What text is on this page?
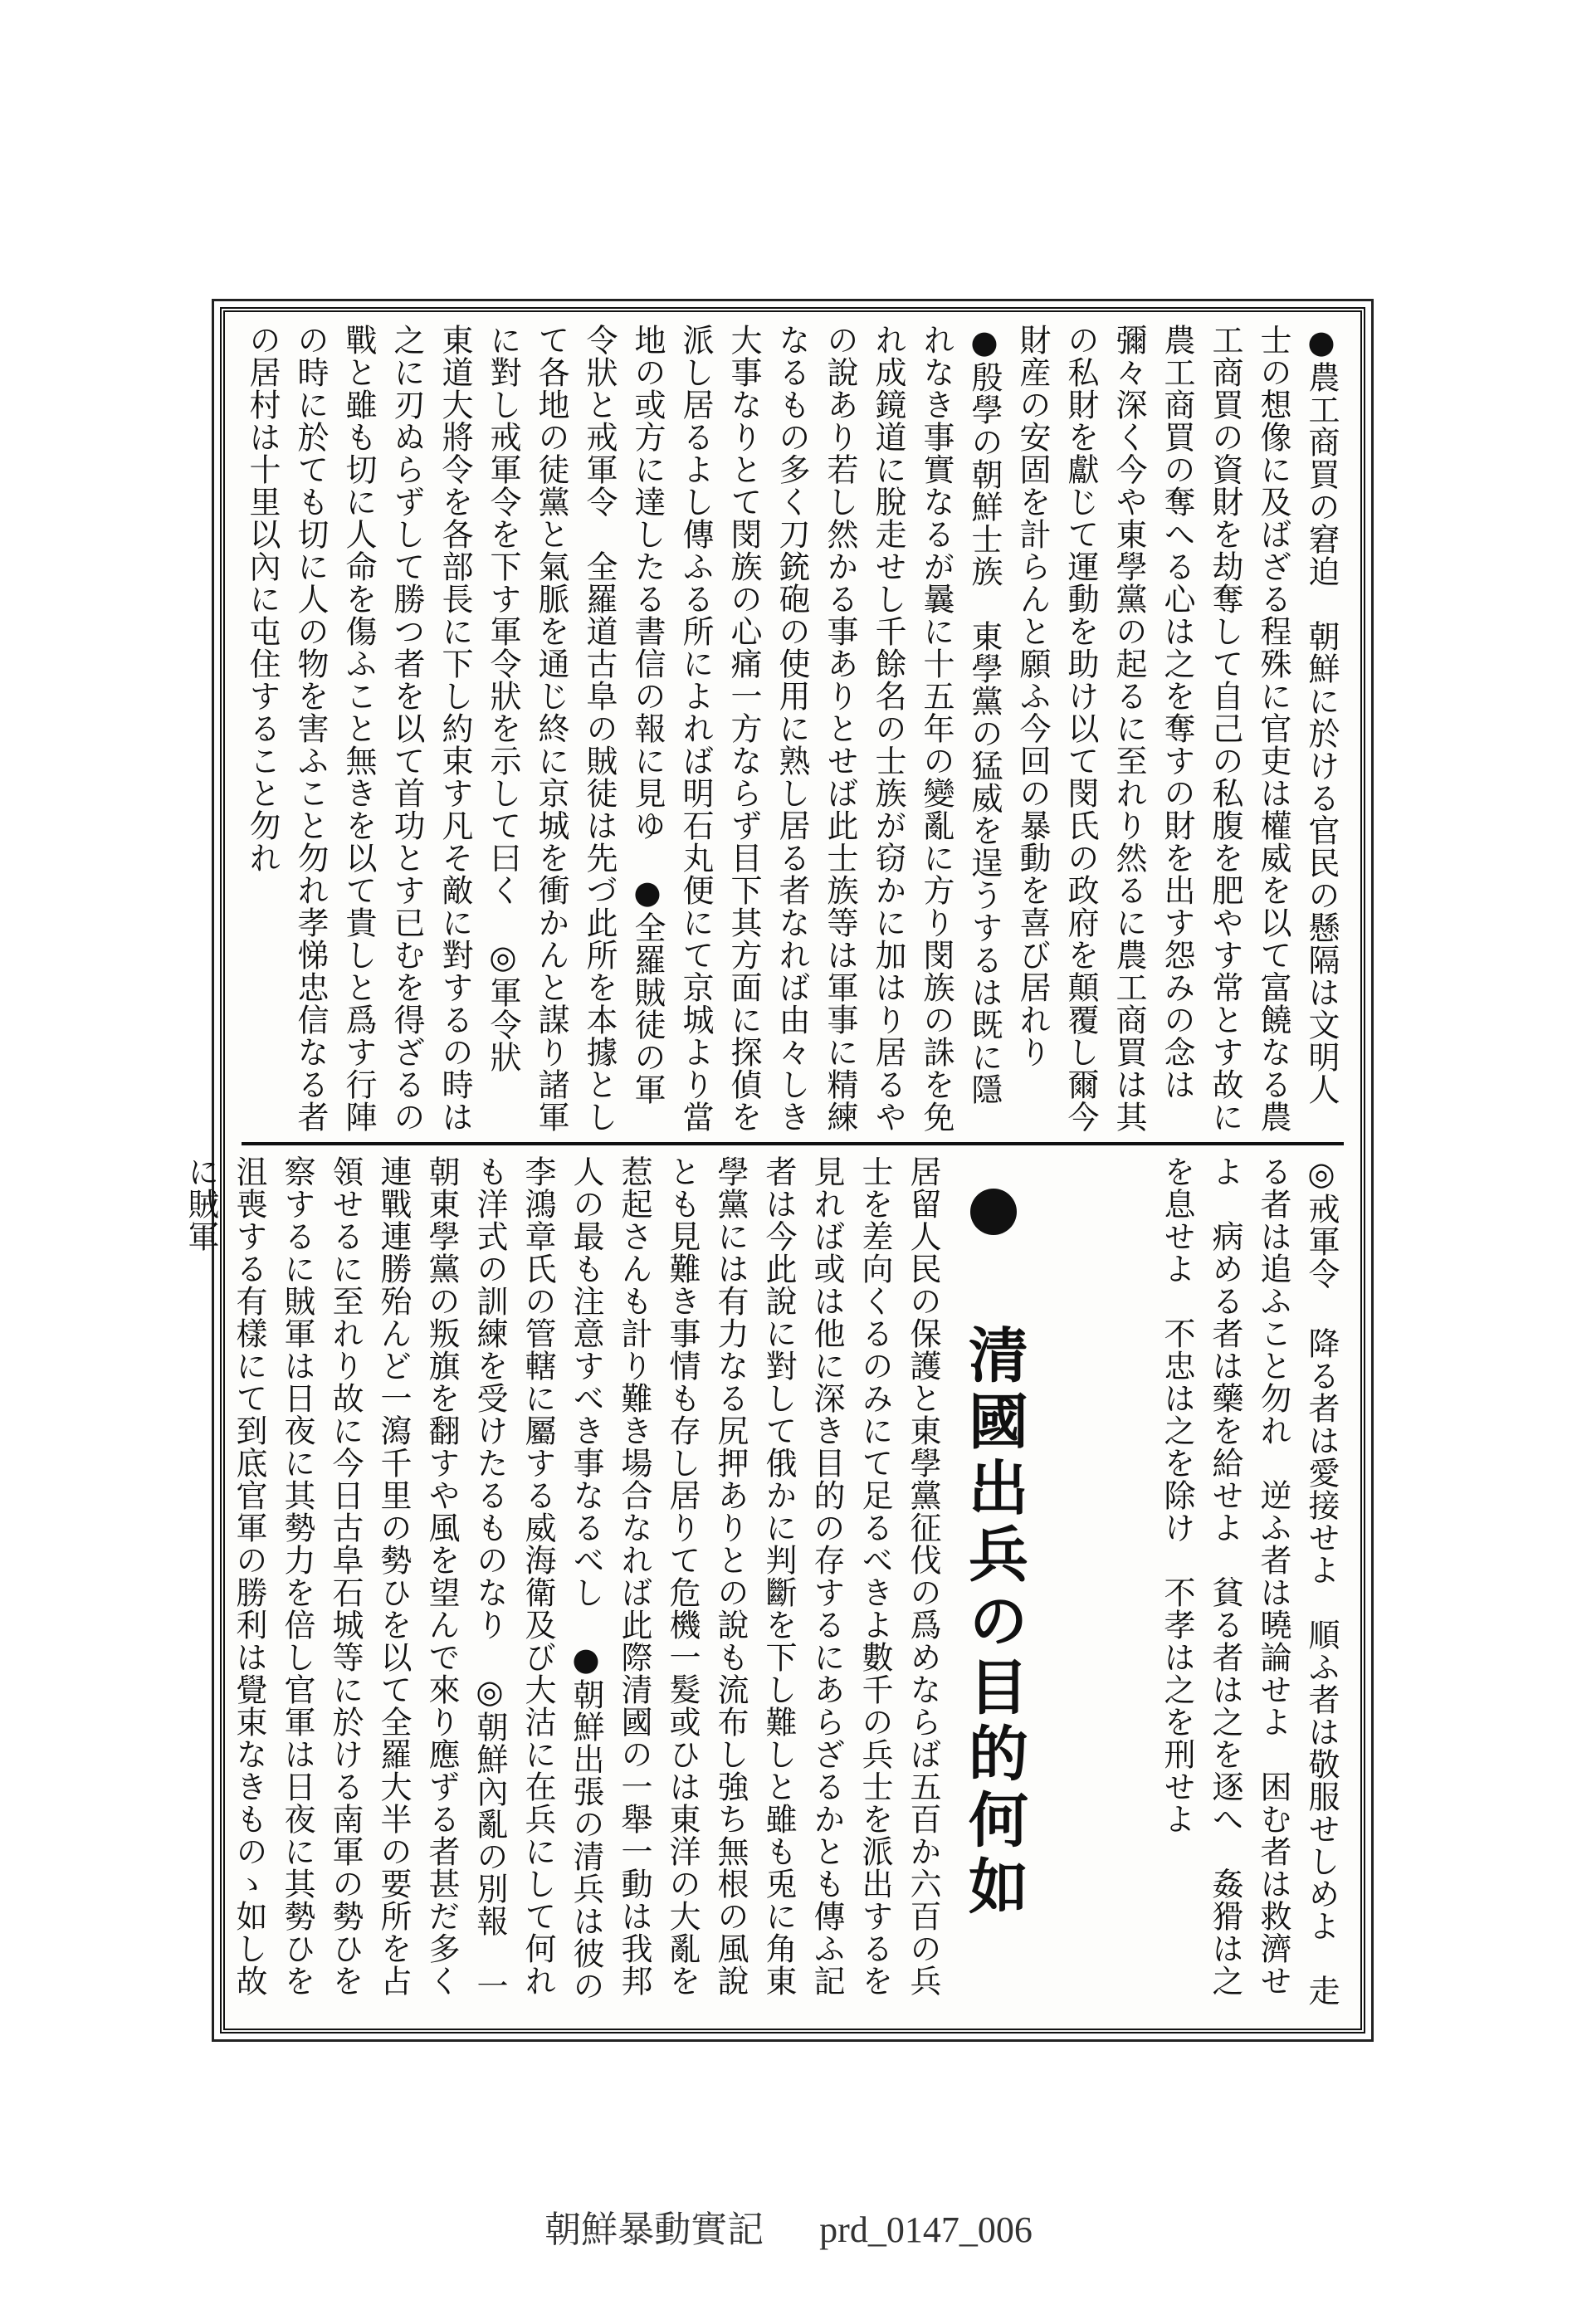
●農工商買の窘迫　朝鮮に於ける官民の懸隔は文明人士の想像に及ばざる程殊に官吏は權威を以て富饒なる農工商買の資財を劫奪して自己の私腹を肥やす常とす故に農工商買の奪へる心は之を奪すの財を出す怨みの念は彌々深く今や東學黨の起るに至れり然るに農工商買は其の私財を獻じて運動を助け以て閔氏の政府を顛覆し爾今財産の安固を計らんと願ふ今回の暴動を喜び居れり　●殷學の朝鮮士族　東學黨の猛威を逞うするは既に隱れなき事實なるが曩に十五年の變亂に方り閔族の誅を免れ成鏡道に脫走せし千餘名の士族が窃かに加はり居るやの說あり若し然かる事ありとせば此士族等は軍事に精練なるもの多く刀銃砲の使用に熟し居る者なれば由々しき大事なりとて閔族の心痛一方ならず目下其方面に探偵を派し居るよし傳ふる所によれば明石丸便にて京城より當地の或方に達したる書信の報に見ゆ　●全羅賊徒の軍令狀と戒軍令　全羅道古阜の賊徒は先づ此所を本據として各地の徒黨と氣脈を通じ終に京城を衝かんと謀り諸軍に對し戒軍令を下す軍令狀を示して曰く　◎軍令狀　東道大將令を各部長に下し約束す凡そ敵に對するの時は之に刃ぬらずして勝つ者を以て首功とす已むを得ざるの戰と雖も切に人命を傷ふこと無きを以て貴しと爲す行陣の時に於ても切に人の物を害ふこと勿れ孝悌忠信なる者の居村は十里以內に屯住すること勿れ
◎戒軍令 降る者は愛接せよ　順ふ者は敬服せしめよ　走る者は追ふこと勿れ　逆ふ者は曉論せよ　困む者は救濟せよ　病める者は藥を給せよ　貧る者は之を逐へ　姦猾は之を息せよ　不忠は之を除け　不孝は之を刑せよ
清國出兵の目的何如
居留人民の保護と東學黨征伐の爲めならば五百か六百の兵士を差向くるのみにて足るべきよ數千の兵士を派出するを見れば或は他に深き目的の存するにあらざるかとも傳ふ記者は今此說に對して俄かに判斷を下し難しと雖も兎に角東學黨には有力なる尻押ありとの說も流布し強ち無根の風說とも見難き事情も存し居りて危機一髮或ひは東洋の大亂を惹起さんも計り難き場合なれば此際清國の一舉一動は我邦人の最も注意すべき事なるべし　●朝鮮出張の清兵は彼の李鴻章氏の管轄に屬する威海衛及び大沽に在兵にして何れも洋式の訓練を受けたるものなり　◎朝鮮內亂の別報　一朝東學黨の叛旗を翻すや風を望んで來り應ずる者甚だ多く連戰連勝殆んど一瀉千里の勢ひを以て全羅大半の要所を占領せるに至れり故に今日古阜石城等に於ける南軍の勢ひを察するに賊軍は日夜に其勢力を倍し官軍は日夜に其勢ひを沮喪する有樣にて到底官軍の勝利は覺束なきものゝ如し故に賊軍
朝鮮暴動實記 prd_0147_006
